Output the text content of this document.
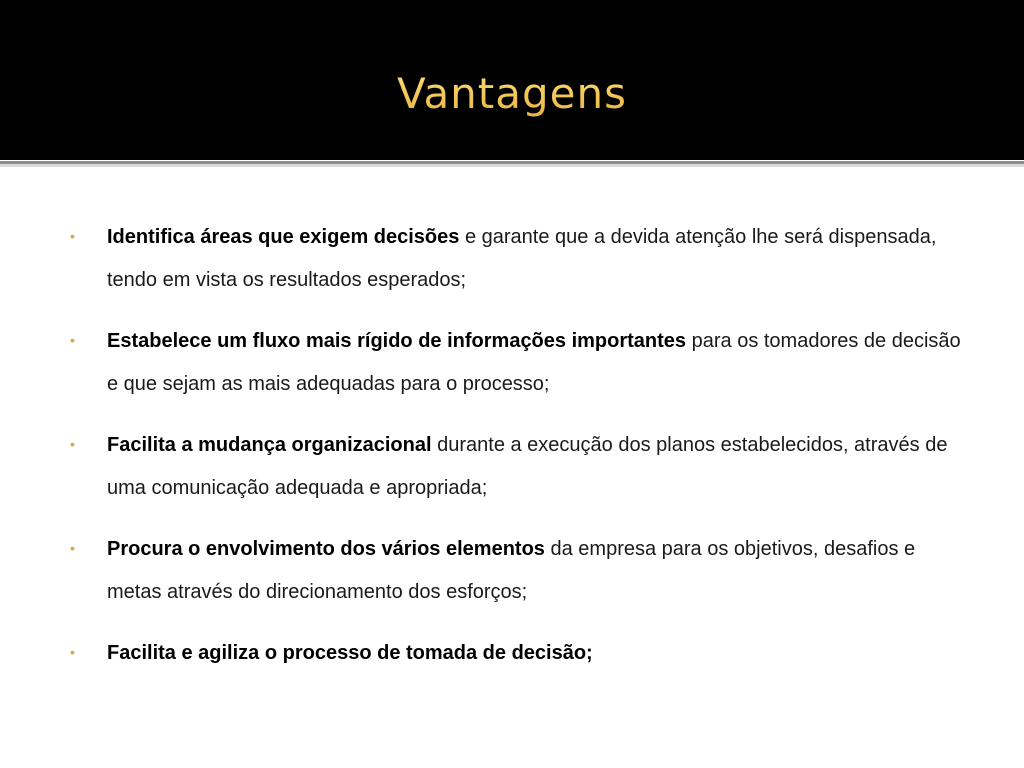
Vantagens
•	Identifica áreas que exigem decisões e garante que a devida atenção lhe será dispensada, tendo em vista os resultados esperados;
•	Estabelece um fluxo mais rígido de informações importantes para os tomadores de decisão e que sejam as mais adequadas para o processo;
•	Facilita a mudança organizacional durante a execução dos planos estabelecidos, através de uma comunicação adequada e apropriada;
•	Procura o envolvimento dos vários elementos da empresa para os objetivos, desafios e metas através do direcionamento dos esforços;
•	Facilita e agiliza o processo de tomada de decisão;
